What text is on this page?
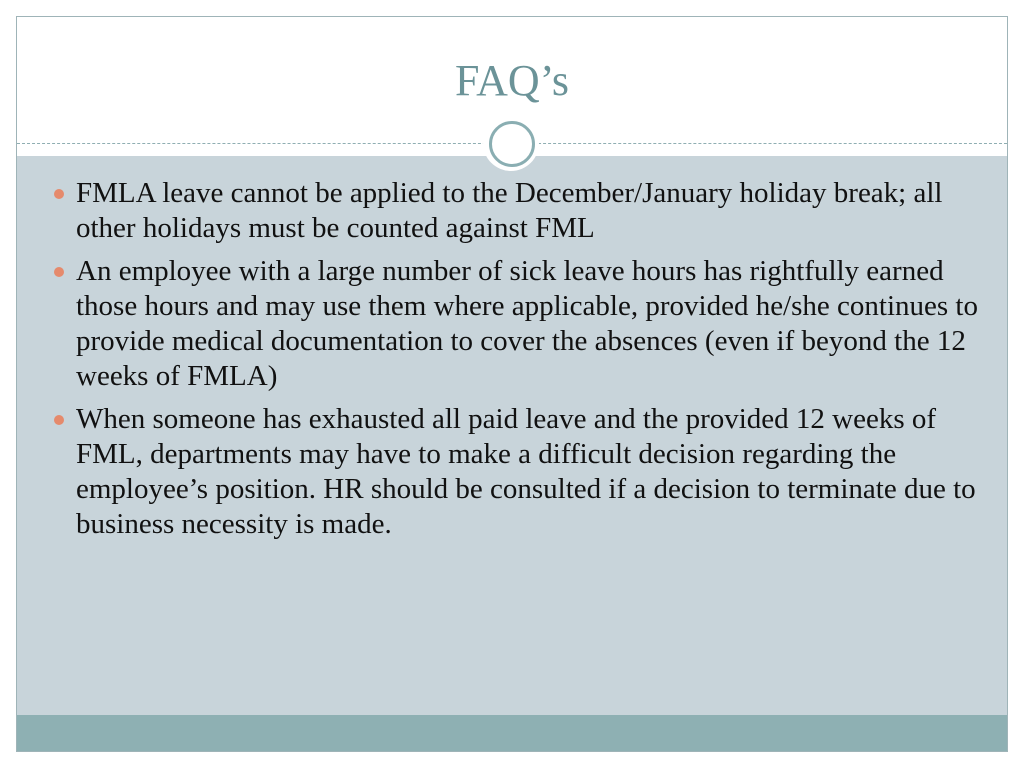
FAQ’s
FMLA leave cannot be applied to the December/January holiday break; all other holidays must be counted against FML
An employee with a large number of sick leave hours has rightfully earned those hours and may use them where applicable, provided he/she continues to provide medical documentation to cover the absences (even if beyond the 12 weeks of FMLA)
When someone has exhausted all paid leave and the provided 12 weeks of FML, departments may have to make a difficult decision regarding the employee’s position. HR should be consulted if a decision to terminate due to business necessity is made.
